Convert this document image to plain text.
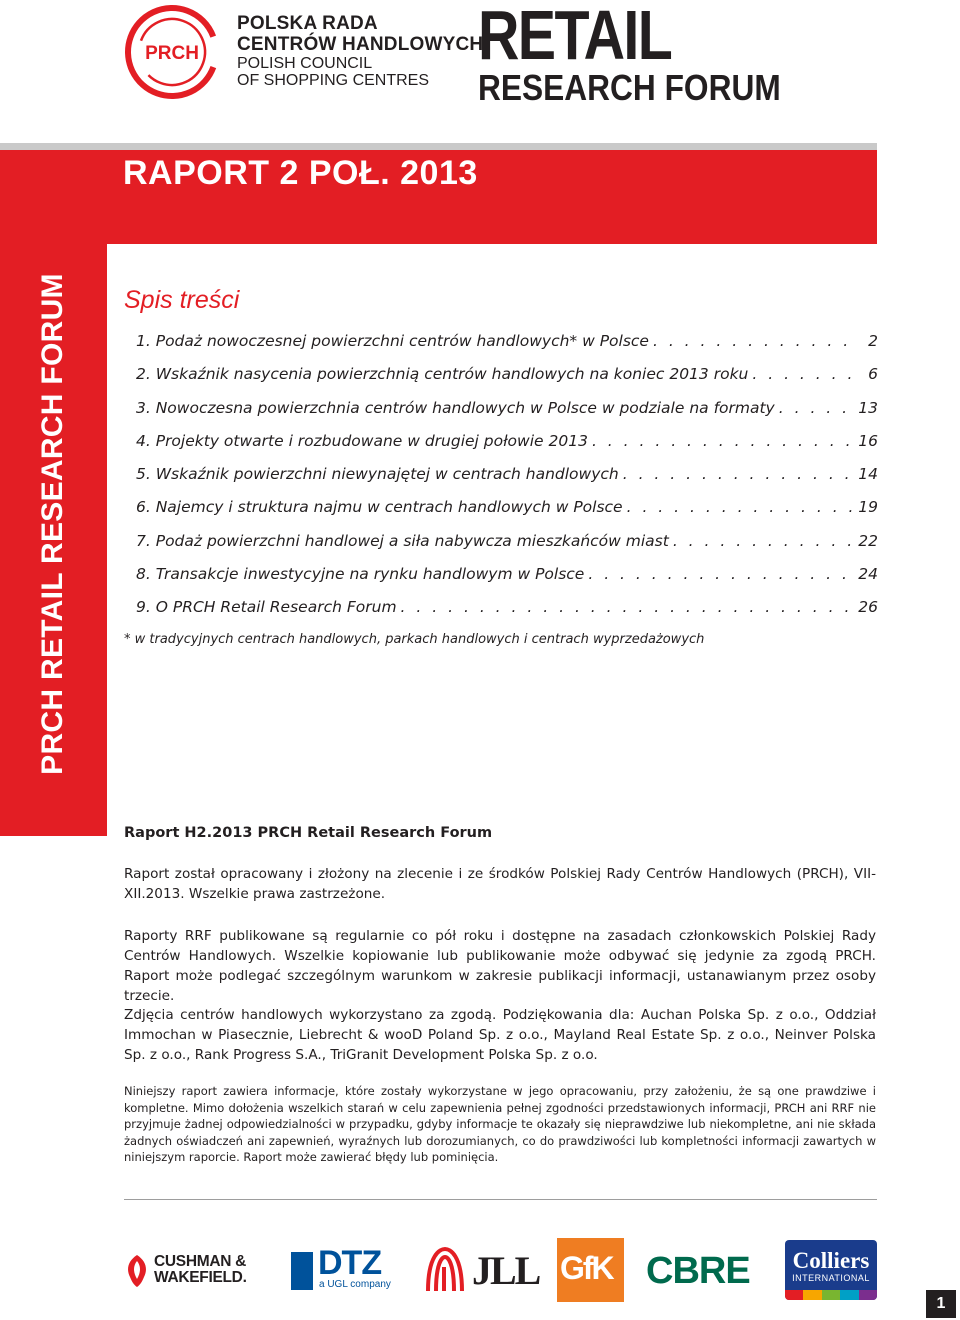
PRCH
POLSKA RADA
CENTRÓW HANDLOWYCH
POLISH COUNCIL
OF SHOPPING CENTRES
RETAIL
RESEARCH FORUM
RAPORT 2 POŁ. 2013
PRCH RETAIL RESEARCH FORUM Spis treści
1. Podaż nowoczesnej powierzchni centrów handlowych* w Polsce . . .	2
2. Wskaźnik nasycenia powierzchnią centrów handlowych na koniec 2013 roku . . .	6
3. Nowoczesna powierzchnia centrów handlowych w Polsce w podziale na formaty . . .	13
4. Projekty otwarte i rozbudowane w drugiej połowie 2013 . . .	16
5. Wskaźnik powierzchni niewynajętej w centrach handlowych . . .	14
6. Najemcy i struktura najmu w centrach handlowych w Polsce . . .	19
7. Podaż powierzchni handlowej a siła nabywcza mieszkańców miast . . .	22
8. Transakcje inwestycyjne na rynku handlowym w Polsce . . .	24
9. O PRCH Retail Research Forum . . .	26
* w tradycyjnych centrach handlowych, parkach handlowych i centrach wyprzedażowych
Raport H2.2013 PRCH Retail Research Forum
Raport został opracowany i złożony na zlecenie i ze środków Polskiej Rady Centrów Handlowych (PRCH), VII-XII.2013. Wszelkie prawa zastrzeżone.
Raporty RRF publikowane są regularnie co pół roku i dostępne na zasadach członkowskich Polskiej Rady Centrów Handlowych. Wszelkie kopiowanie lub publikowanie może odbywać się jedynie za zgodą PRCH. Raport może podlegać szczególnym warunkom w zakresie publikacji informacji, ustanawianym przez osoby trzecie.
Zdjęcia centrów handlowych wykorzystano za zgodą. Podziękowania dla: Auchan Polska Sp. z o.o., Oddział Immochan w Piasecznie, Liebrecht & wooD Poland Sp. z o.o., Mayland Real Estate Sp. z o.o., Neinver Polska Sp. z o.o., Rank Progress S.A., TriGranit Development Polska Sp. z o.o.
Niniejszy raport zawiera informacje, które zostały wykorzystane w jego opracowaniu, przy założeniu, że są one prawdziwe i kompletne. Mimo dołożenia wszelkich starań w celu zapewnienia pełnej zgodności przedstawionych informacji, PRCH ani RRF nie przyjmuje żadnej odpowiedzialności w przypadku, gdyby informacje te okazały się nieprawdziwe lub niekompletne, ani nie składa żadnych oświadczeń ani zapewnień, wyraźnych lub dorozumianych, co do prawdziwości lub kompletności informacji zawartych w niniejszym raporcie. Raport może zawierać błędy lub pominięcia.
CUSHMAN &
WAKEFIELD. DTZ
a UGL company JLL GfK CBRE	Colliers
INTERNATIONAL
1
